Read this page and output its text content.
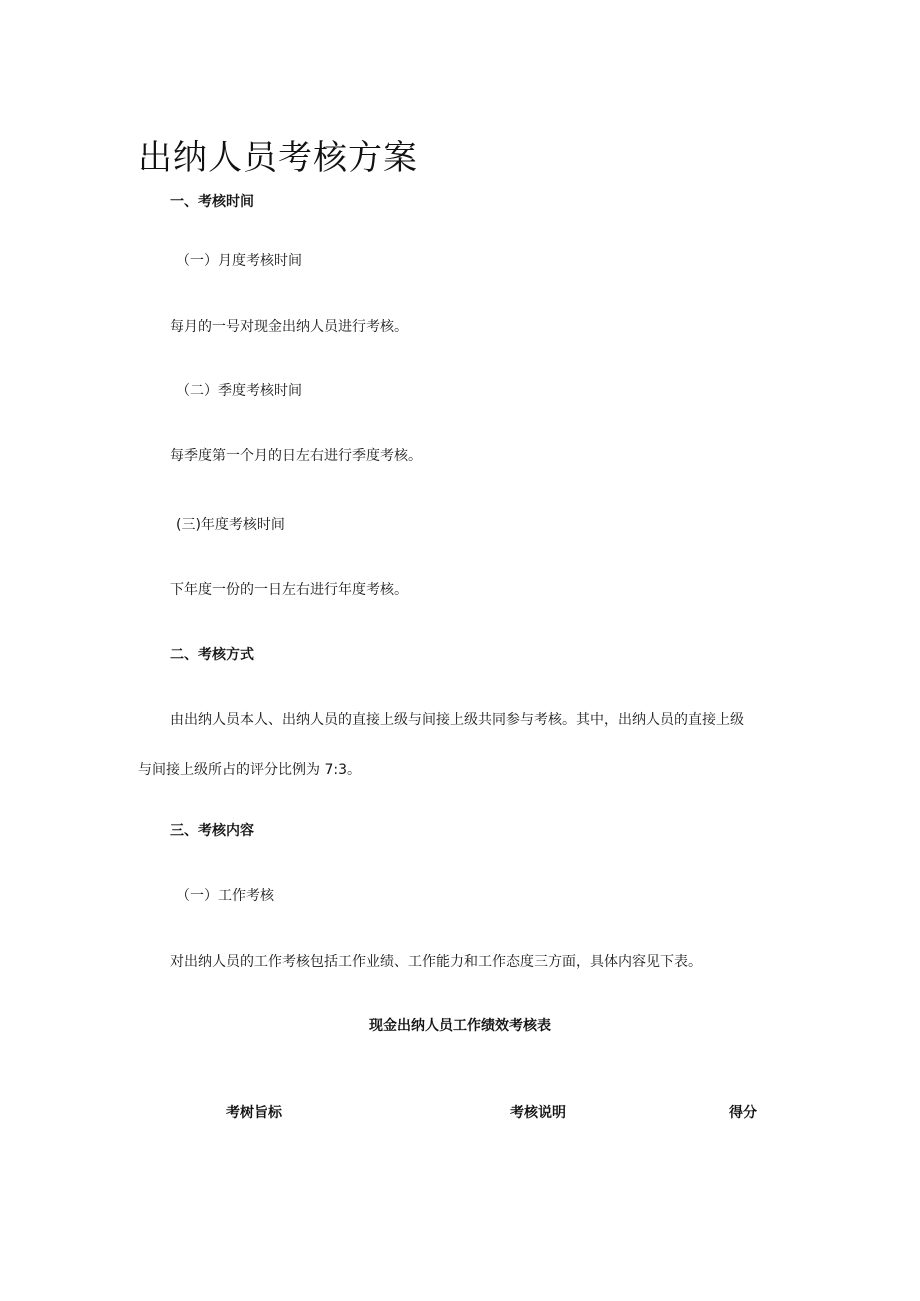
出纳人员考核方案
一、考核时间
（一）月度考核时间
每月的一号对现金出纳人员进行考核。
（二）季度考核时间
每季度第一个月的日左右进行季度考核。
(三)年度考核时间
下年度一份的一日左右进行年度考核。
二、考核方式
由出纳人员本人、出纳人员的直接上级与间接上级共同参与考核。其中，出纳人员的直接上级
与间接上级所占的评分比例为 7:3。
三、考核内容
（一）工作考核
对出纳人员的工作考核包括工作业绩、工作能力和工作态度三方面，具体内容见下表。
现金出纳人员工作绩效考核表
考树旨标	考核说明	得分
